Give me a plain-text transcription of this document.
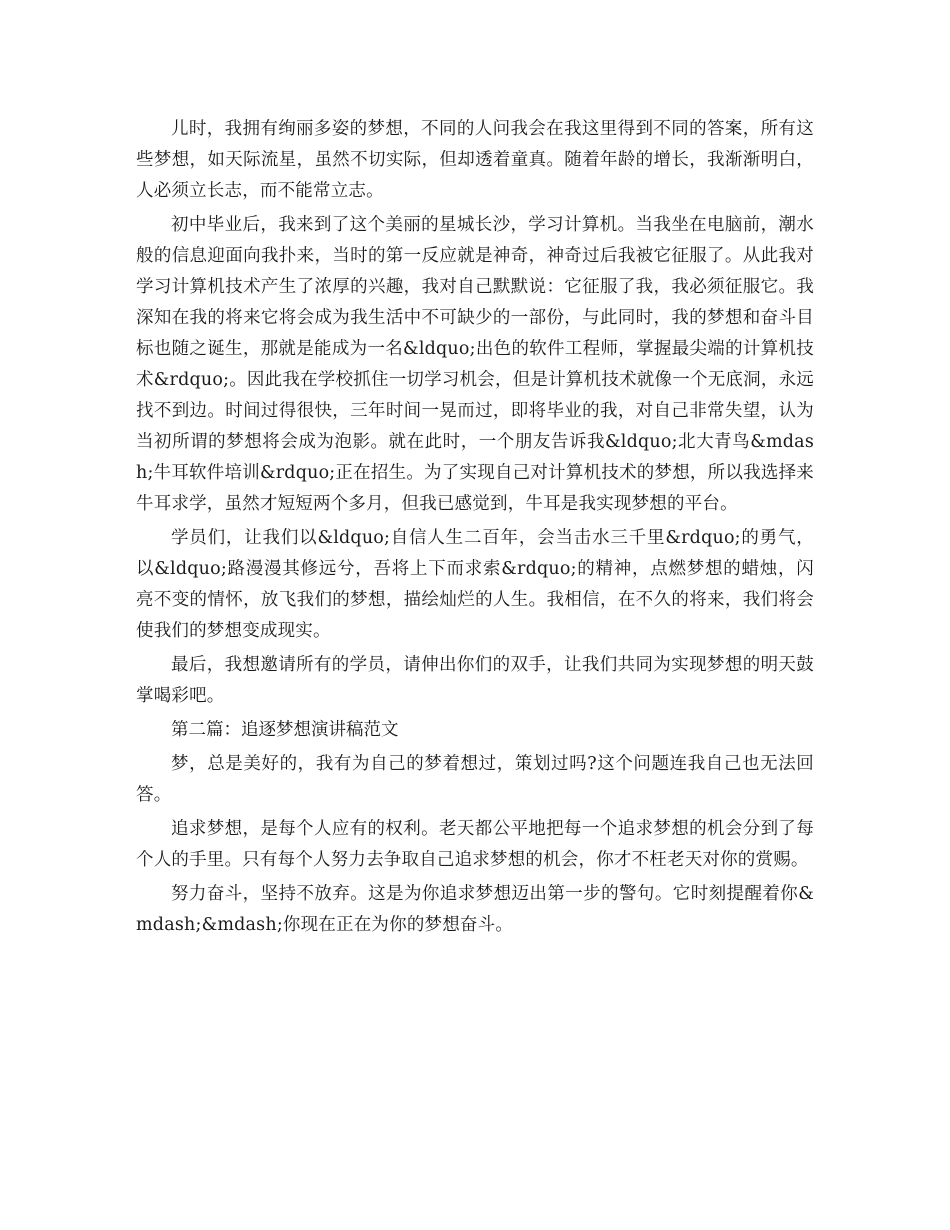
儿时，我拥有绚丽多姿的梦想，不同的人问我会在我这里得到不同的答案，所有这些梦想，如天际流星，虽然不切实际，但却透着童真。随着年龄的增长，我渐渐明白，人必须立长志，而不能常立志。

初中毕业后，我来到了这个美丽的星城长沙，学习计算机。当我坐在电脑前，潮水般的信息迎面向我扑来，当时的第一反应就是神奇，神奇过后我被它征服了。从此我对学习计算机技术产生了浓厚的兴趣，我对自己默默说：它征服了我，我必须征服它。我深知在我的将来它将会成为我生活中不可缺少的一部份，与此同时，我的梦想和奋斗目标也随之诞生，那就是能成为一名&ldquo;出色的软件工程师，掌握最尖端的计算机技术&rdquo;。因此我在学校抓住一切学习机会，但是计算机技术就像一个无底洞，永远找不到边。时间过得很快，三年时间一晃而过，即将毕业的我，对自己非常失望，认为当初所谓的梦想将会成为泡影。就在此时，一个朋友告诉我&ldquo;北大青鸟&mdash;牛耳软件培训&rdquo;正在招生。为了实现自己对计算机技术的梦想，所以我选择来牛耳求学，虽然才短短两个多月，但我已感觉到，牛耳是我实现梦想的平台。

学员们，让我们以&ldquo;自信人生二百年，会当击水三千里&rdquo;的勇气，以&ldquo;路漫漫其修远兮，吾将上下而求索&rdquo;的精神，点燃梦想的蜡烛，闪亮不变的情怀，放飞我们的梦想，描绘灿烂的人生。我相信，在不久的将来，我们将会使我们的梦想变成现实。

最后，我想邀请所有的学员，请伸出你们的双手，让我们共同为实现梦想的明天鼓掌喝彩吧。

第二篇：追逐梦想演讲稿范文

梦，总是美好的，我有为自己的梦着想过，策划过吗?这个问题连我自己也无法回答。

追求梦想，是每个人应有的权利。老天都公平地把每一个追求梦想的机会分到了每个人的手里。只有每个人努力去争取自己追求梦想的机会，你才不枉老天对你的赏赐。

努力奋斗，坚持不放弃。这是为你追求梦想迈出第一步的警句。它时刻提醒着你&mdash;&mdash;你现在正在为你的梦想奋斗。
